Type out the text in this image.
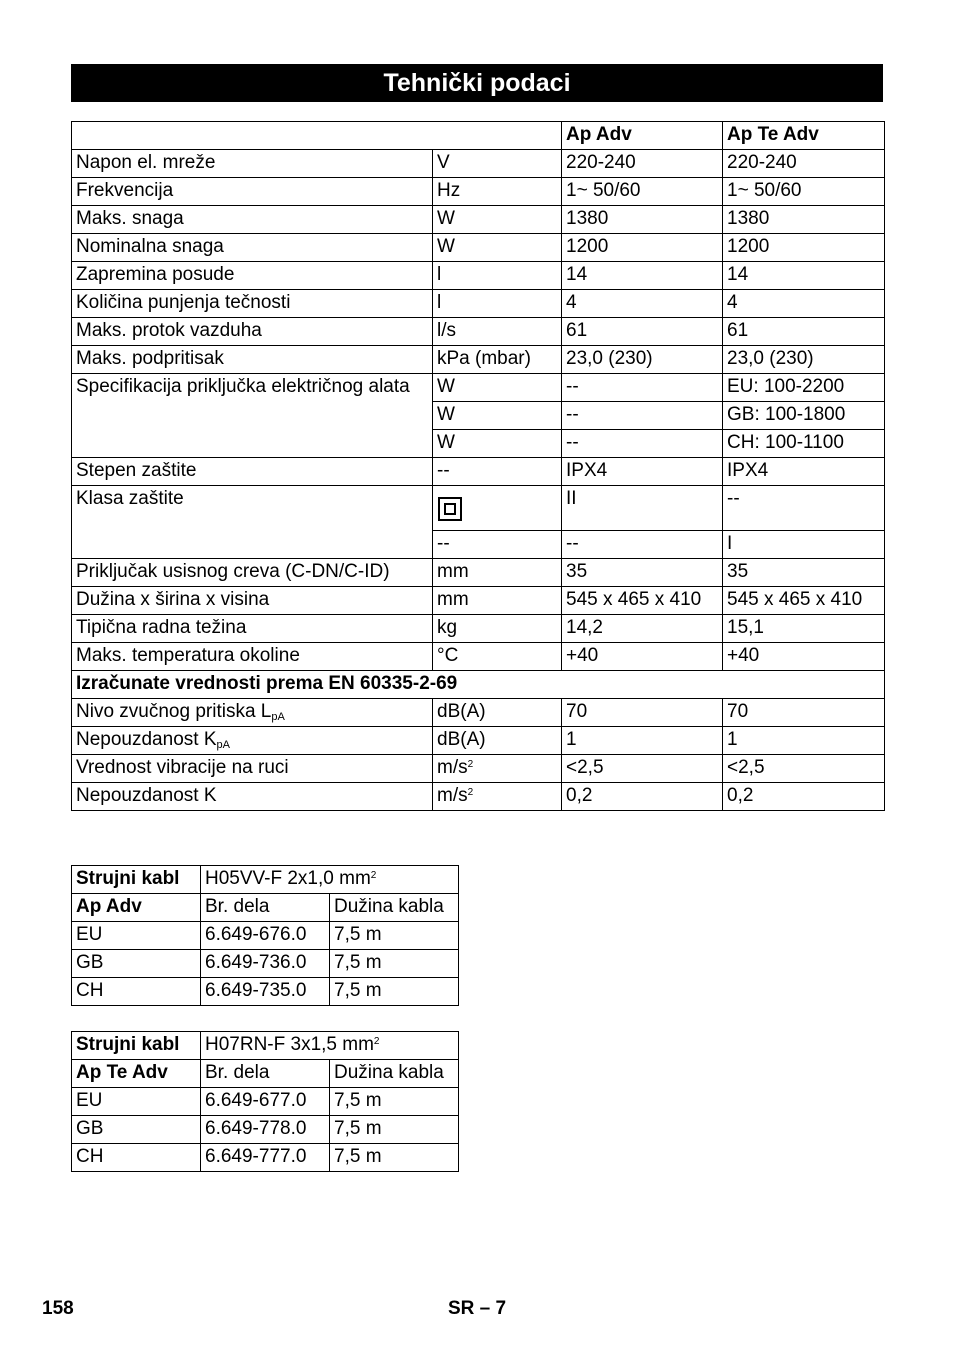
Tehnički podaci
		Ap Adv	Ap Te Adv
Napon el. mreže	V	220-240	220-240
Frekvencija	Hz	1~ 50/60	1~ 50/60
Maks. snaga	W	1380	1380
Nominalna snaga	W	1200	1200
Zapremina posude	l	14	14
Količina punjenja tečnosti	l	4	4
Maks. protok vazduha	l/s	61	61
Maks. podpritisak	kPa (mbar)	23,0 (230)	23,0 (230)
Specifikacija priključka električnog alata	W	--	EU: 100-2200
	W	--	GB: 100-1800
	W	--	CH: 100-1100
Stepen zaštite	--	IPX4	IPX4
Klasa zaštite		II	--
	--	--	I
Priključak usisnog creva (C-DN/C-ID)	mm	35	35
Dužina x širina x visina	mm	545 x 465 x 410	545 x 465 x 410
Tipična radna težina	kg	14,2	15,1
Maks. temperatura okoline	°C	+40	+40
Izračunate vrednosti prema EN 60335-2-69			
Nivo zvučnog pritiska $L_{pA}$	dB(A)	70	70
Nepouzdanost $K_{pA}$	dB(A)	1	1
Vrednost vibracije na ruci	$m/s^2$	<2,5	<2,5
Nepouzdanost K	$m/s^2$	0,2	0,2
Strujni kabl	H05VV-F 2x1,0 $mm^2$
Ap Adv	Br. dela	Dužina kabla
EU	6.649-676.0	7,5 m
GB	6.649-736.0	7,5 m
CH	6.649-735.0	7,5 m
Strujni kabl	H07RN-F 3x1,5 $mm^2$
Ap Te Adv	Br. dela	Dužina kabla
EU	6.649-677.0	7,5 m
GB	6.649-778.0	7,5 m
CH	6.649-777.0	7,5 m
158	SR – 7
